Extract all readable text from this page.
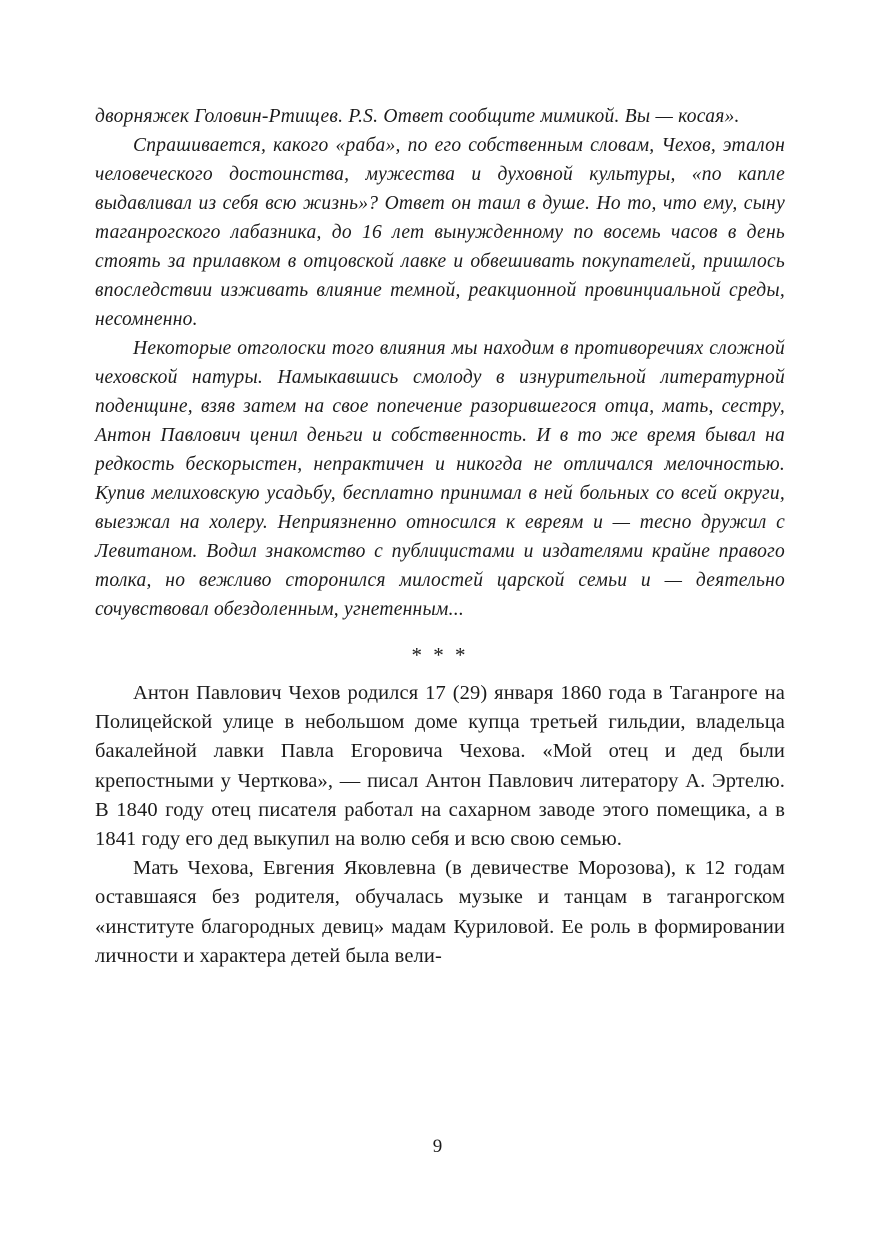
дворняжек Головин-Ртищев. P.S. Ответ сообщите мимикой. Вы — косая».

Спрашивается, какого «раба», по его собственным словам, Чехов, эталон человеческого достоинства, мужества и духовной культуры, «по капле выдавливал из себя всю жизнь»? Ответ он таил в душе. Но то, что ему, сыну таганрогского лабазника, до 16 лет вынужденному по восемь часов в день стоять за прилавком в отцовской лавке и обвешивать покупателей, пришлось впоследствии изживать влияние темной, реакционной провинциальной среды, несомненно.

Некоторые отголоски того влияния мы находим в противоречиях сложной чеховской натуры. Намыкавшись смолоду в изнурительной литературной поденщине, взяв затем на свое попечение разорившегося отца, мать, сестру, Антон Павлович ценил деньги и собственность. И в то же время бывал на редкость бескорыстен, непрактичен и никогда не отличался мелочностью. Купив мелиховскую усадьбу, бесплатно принимал в ней больных со всей округи, выезжал на холеру. Неприязненно относился к евреям и — тесно дружил с Левитаном. Водил знакомство с публицистами и издателями крайне правого толка, но вежливо сторонился милостей царской семьи и — деятельно сочувствовал обездоленным, угнетенным...

* * *

Антон Павлович Чехов родился 17 (29) января 1860 года в Таганроге на Полицейской улице в небольшом доме купца третьей гильдии, владельца бакалейной лавки Павла Егоровича Чехова. «Мой отец и дед были крепостными у Черткова», — писал Антон Павлович литератору А. Эртелю. В 1840 году отец писателя работал на сахарном заводе этого помещика, а в 1841 году его дед выкупил на волю себя и всю свою семью.

Мать Чехова, Евгения Яковлевна (в девичестве Морозова), к 12 годам оставшаяся без родителя, обучалась музыке и танцам в таганрогском «институте благородных девиц» мадам Куриловой. Ее роль в формировании личности и характера детей была вели-

9
